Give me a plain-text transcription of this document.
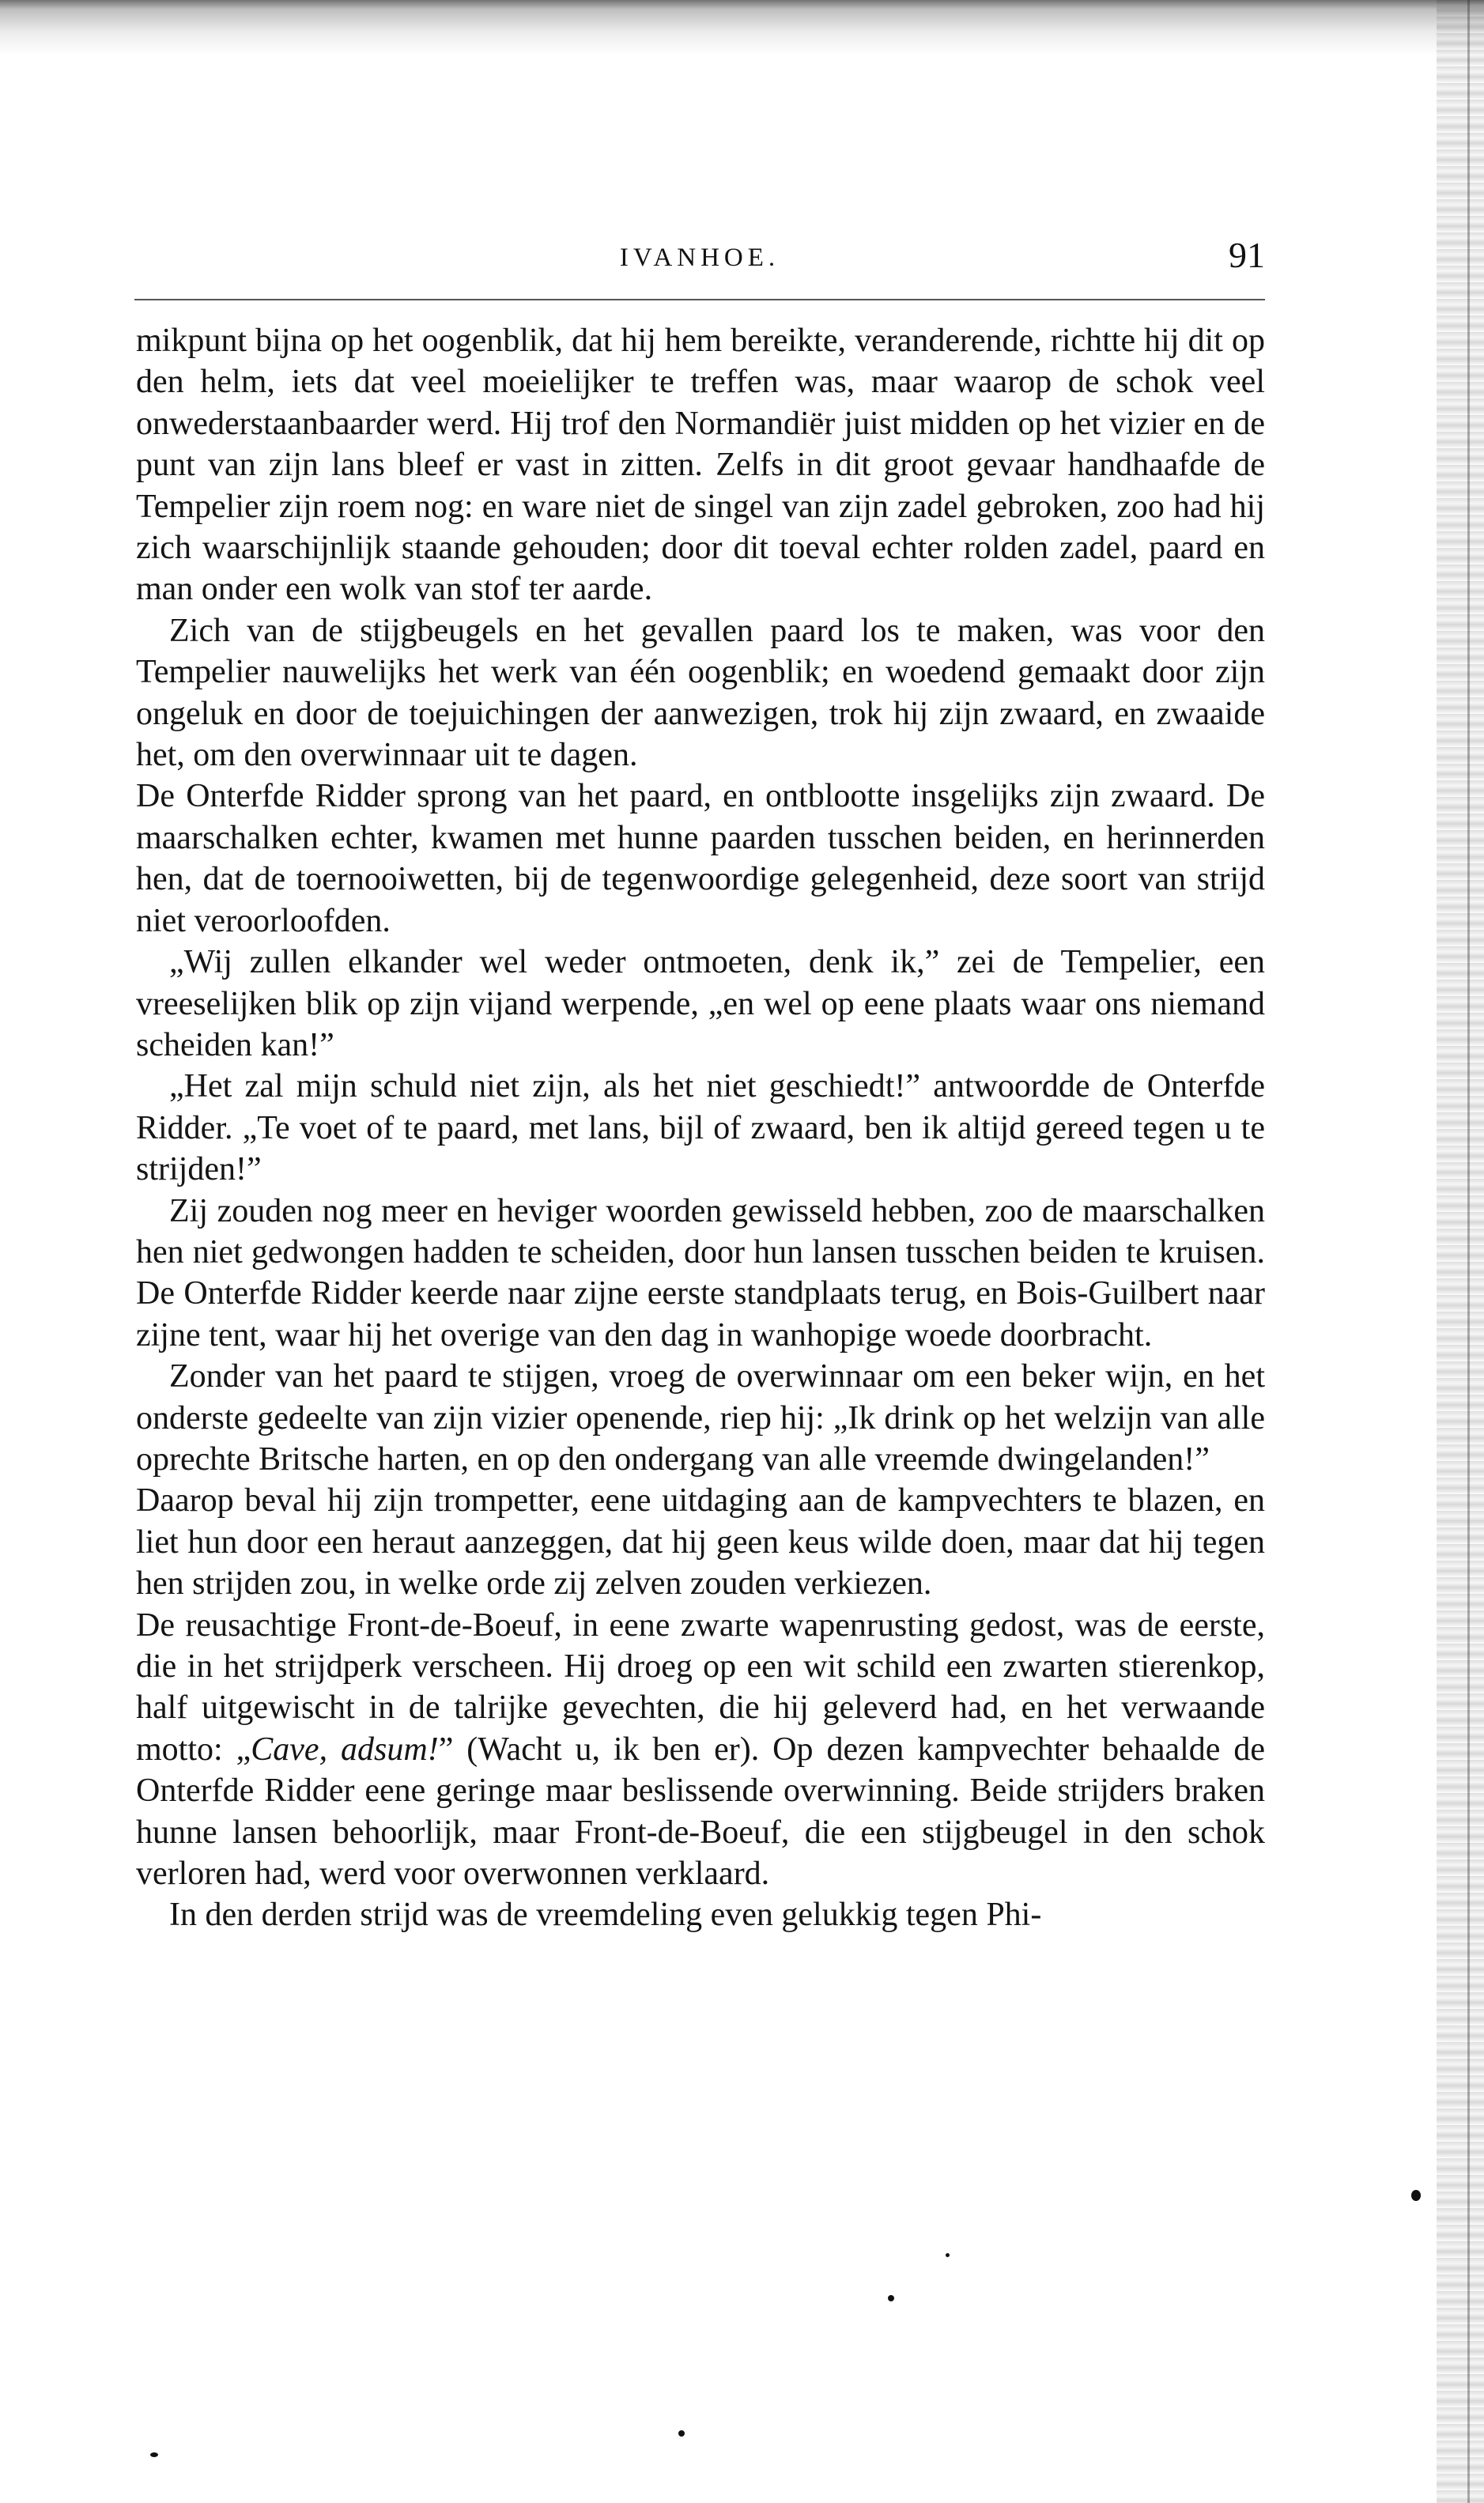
IVANHOE.	91

mikpunt bijna op het oogenblik, dat hij hem bereikte, veranderende, richtte hij dit op den helm, iets dat veel moeielijker te treffen was, maar waarop de schok veel onwederstaanbaarder werd. Hij trof den Normandiër juist midden op het vizier en de punt van zijn lans bleef er vast in zitten. Zelfs in dit groot gevaar handhaafde de Tempelier zijn roem nog: en ware niet de singel van zijn zadel gebroken, zoo had hij zich waarschijnlijk staande gehouden; door dit toeval echter rolden zadel, paard en man onder een wolk van stof ter aarde.

Zich van de stijgbeugels en het gevallen paard los te maken, was voor den Tempelier nauwelijks het werk van één oogenblik; en woedend gemaakt door zijn ongeluk en door de toejuichingen der aanwezigen, trok hij zijn zwaard, en zwaaide het, om den overwinnaar uit te dagen.

De Onterfde Ridder sprong van het paard, en ontblootte insgelijks zijn zwaard. De maarschalken echter, kwamen met hunne paarden tusschen beiden, en herinnerden hen, dat de toernooiwetten, bij de tegenwoordige gelegenheid, deze soort van strijd niet veroorloofden.

„Wij zullen elkander wel weder ontmoeten, denk ik,” zei de Tempelier, een vreeselijken blik op zijn vijand werpende, „en wel op eene plaats waar ons niemand scheiden kan!”

„Het zal mijn schuld niet zijn, als het niet geschiedt!” antwoordde de Onterfde Ridder. „Te voet of te paard, met lans, bijl of zwaard, ben ik altijd gereed tegen u te strijden!”

Zij zouden nog meer en heviger woorden gewisseld hebben, zoo de maarschalken hen niet gedwongen hadden te scheiden, door hun lansen tusschen beiden te kruisen. De Onterfde Ridder keerde naar zijne eerste standplaats terug, en Bois-Guilbert naar zijne tent, waar hij het overige van den dag in wanhopige woede doorbracht.

Zonder van het paard te stijgen, vroeg de overwinnaar om een beker wijn, en het onderste gedeelte van zijn vizier openende, riep hij: „Ik drink op het welzijn van alle oprechte Britsche harten, en op den ondergang van alle vreemde dwingelanden!”

Daarop beval hij zijn trompetter, eene uitdaging aan de kampvechters te blazen, en liet hun door een heraut aanzeggen, dat hij geen keus wilde doen, maar dat hij tegen hen strijden zou, in welke orde zij zelven zouden verkiezen.

De reusachtige Front-de-Boeuf, in eene zwarte wapenrusting gedost, was de eerste, die in het strijdperk verscheen. Hij droeg op een wit schild een zwarten stierenkop, half uitgewischt in de talrijke gevechten, die hij geleverd had, en het verwaande motto: „Cave, adsum!” (Wacht u, ik ben er). Op dezen kampvechter behaalde de Onterfde Ridder eene geringe maar beslissende overwinning. Beide strijders braken hunne lansen behoorlijk, maar Front-de-Boeuf, die een stijgbeugel in den schok verloren had, werd voor overwonnen verklaard.

In den derden strijd was de vreemdeling even gelukkig tegen Phi-
